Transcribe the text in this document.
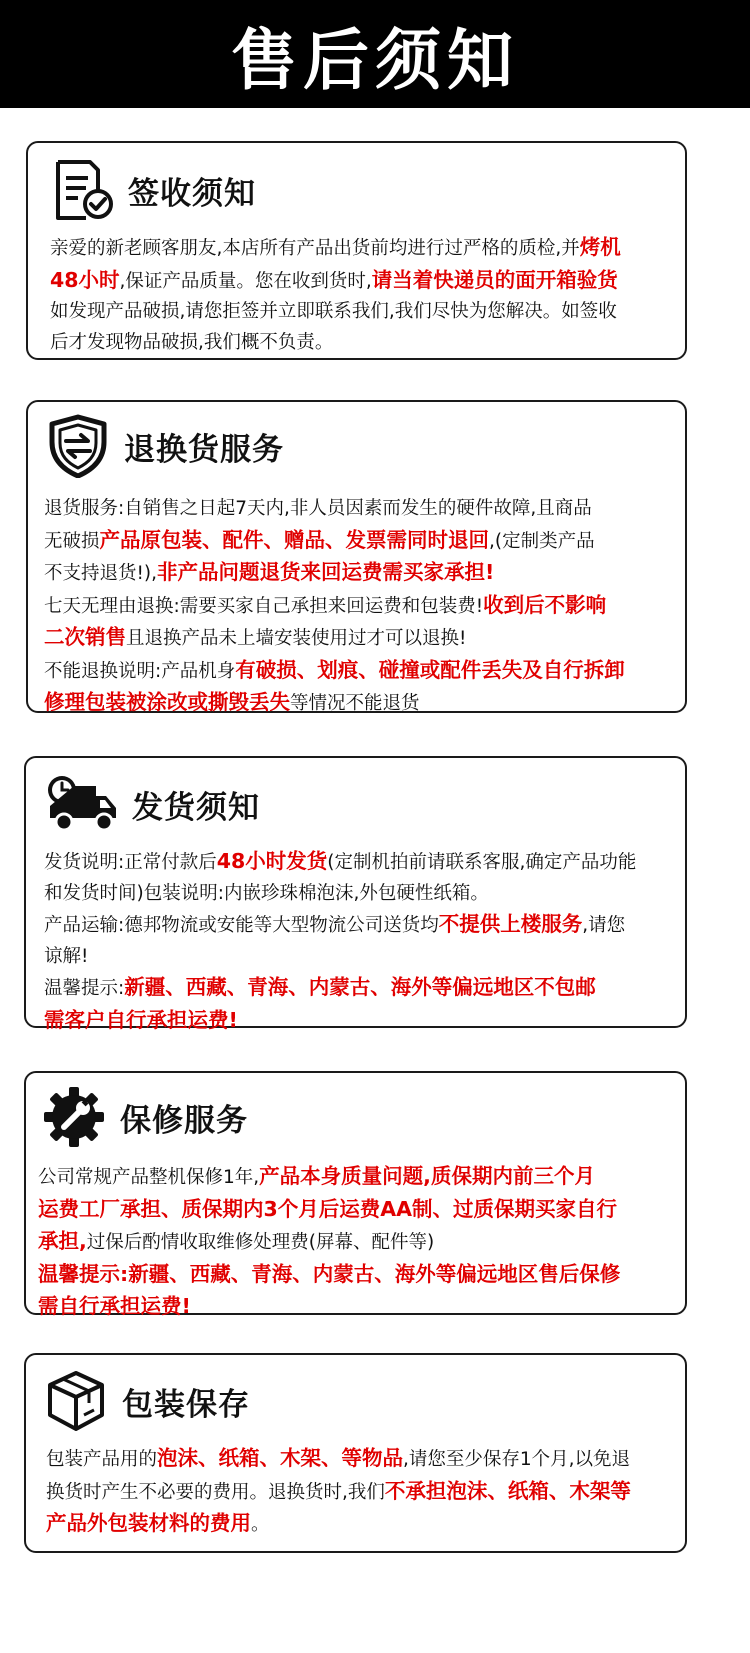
售后须知
签收须知

亲爱的新老顾客朋友,本店所有产品出货前均进行过严格的质检,并烤机

48小时,保证产品质量。您在收到货时,请当着快递员的面开箱验货

如发现产品破损,请您拒签并立即联系我们,我们尽快为您解决。如签收

后才发现物品破损,我们概不负责。

退换货服务

退货服务:自销售之日起7天内,非人员因素而发生的硬件故障,且商品

无破损产品原包装、配件、赠品、发票需同时退回,(定制类产品

不支持退货!),非产品问题退货来回运费需买家承担!

七天无理由退换:需要买家自己承担来回运费和包装费!收到后不影响

二次销售且退换产品未上墙安装使用过才可以退换!

不能退换说明:产品机身有破损、划痕、碰撞或配件丢失及自行拆卸

修理包装被涂改或撕毁丢失等情况不能退货

发货须知

发货说明:正常付款后48小时发货(定制机拍前请联系客服,确定产品功能

和发货时间)包装说明:内嵌珍珠棉泡沫,外包硬性纸箱。

产品运输:德邦物流或安能等大型物流公司送货均不提供上楼服务,请您

谅解!

温馨提示:新疆、西藏、青海、内蒙古、海外等偏远地区不包邮

需客户自行承担运费!

保修服务

公司常规产品整机保修1年,产品本身质量问题,质保期内前三个月

运费工厂承担、质保期内3个月后运费AA制、过质保期买家自行

承担,过保后酌情收取维修处理费(屏幕、配件等)

温馨提示:新疆、西藏、青海、内蒙古、海外等偏远地区售后保修

需自行承担运费!

包装保存

包装产品用的泡沫、纸箱、木架、等物品,请您至少保存1个月,以免退

换货时产生不必要的费用。退换货时,我们不承担泡沫、纸箱、木架等

产品外包装材料的费用。
